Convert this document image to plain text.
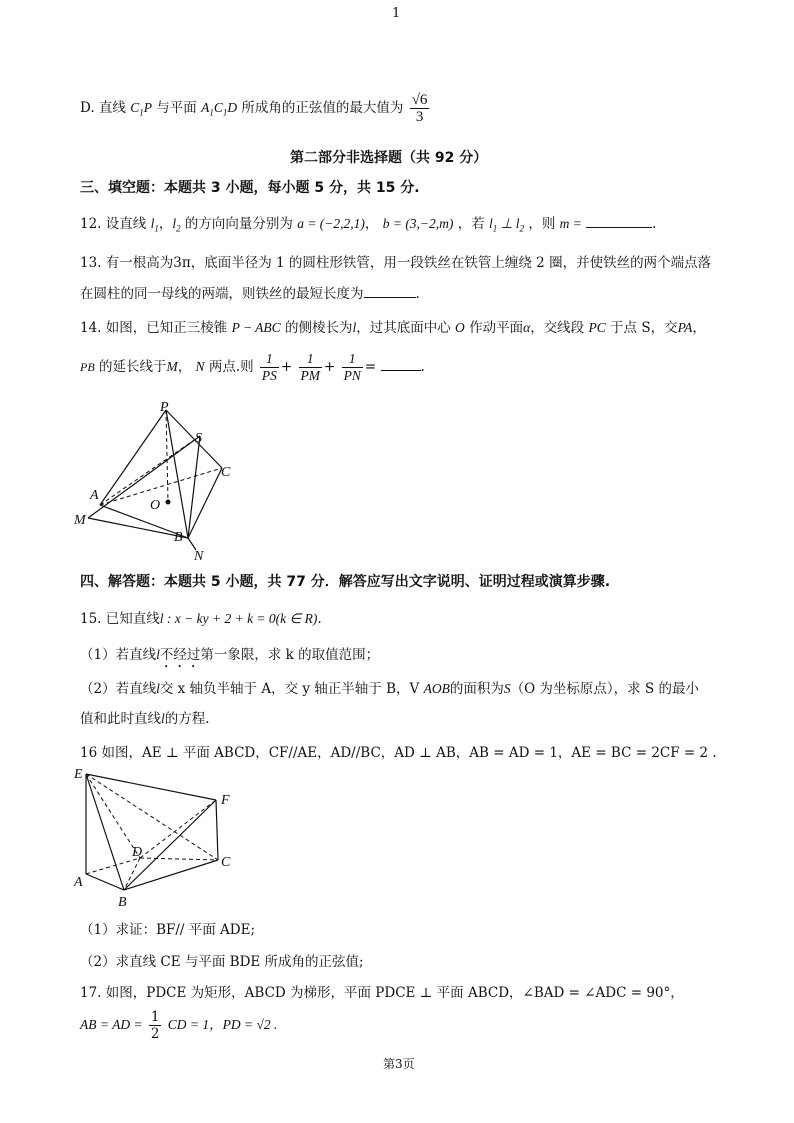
1
D. 直线 $C_1P$ 与平面 $A_1C_1D$ 所成角的正弦值的最大值为 $\frac{√6}{3}$
第二部分非选择题（共 92 分）
三、填空题：本题共 3 小题，每小题 5 分，共 15 分.
12. 设直线 $l_1$，$l_2$ 的方向向量分别为 a = (−2,2,1)， b = (3,−2,m) ，若 $l_1$ ⊥ $l_2$ ，则 m =	.
13. 有一根高为3π，底面半径为 1 的圆柱形铁管，用一段铁丝在铁管上缠绕 2 圈，并使铁丝的两个端点落
在圆柱的同一母线的两端，则铁丝的最短长度为	.
14. 如图，已知正三棱锥 P − ABC 的侧棱长为l，过其底面中心 O 作动平面α，交线段 PC 于点 S，交PA，
PB 的延长线于M， N 两点.则 $\frac{1}{PS} + \frac{1}{PM} + \frac{1}{PN}$ =	.
P
S
C
A
O
M
B
N
四、解答题：本题共 5 小题，共 77 分．解答应写出文字说明、证明过程或演算步骤.
15. 已知直线l : x − ky + 2 + k = 0(k ∈ R).
（1）若直线l不经过第一象限，求 k 的取值范围；
（2）若直线l交 x 轴负半轴于 A，交 y 轴正半轴于 B，V AOB的面积为S（O 为坐标原点），求 S 的最小
值和此时直线l的方程.
16 如图，AE ⊥ 平面 ABCD，CF//AE，AD//BC，AD ⊥ AB，AB = AD = 1，AE = BC = 2CF = 2 .
E
F
D
C
A
B
（1）求证：BF// 平面 ADE;
（2）求直线 CE 与平面 BDE 所成角的正弦值;
17. 如图，PDCE 为矩形，ABCD 为梯形，平面 PDCE ⊥ 平面 ABCD，∠BAD = ∠ADC = 90°，
AB = AD = $\frac{1}{2}$ CD = 1，PD = √2 .
第3页
